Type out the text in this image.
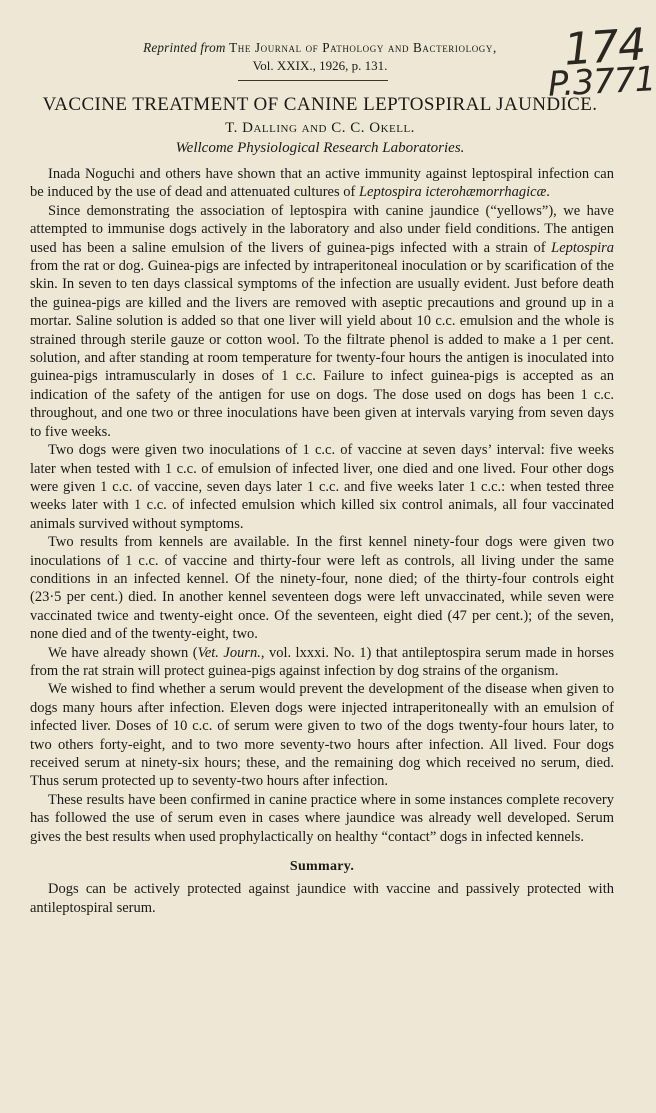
Reprinted from The Journal of Pathology and Bacteriology,
Vol. XXIX., 1926, p. 131.	174
P.3771
VACCINE TREATMENT OF CANINE LEPTOSPIRAL JAUNDICE.
T. Dalling and C. C. Okell.
Wellcome Physiological Research Laboratories.

Inada Noguchi and others have shown that an active immunity against leptospiral infection can be induced by the use of dead and attenuated cultures of Leptospira icterohæmorrhagicæ.

Since demonstrating the association of leptospira with canine jaundice (“yellows”), we have attempted to immunise dogs actively in the laboratory and also under field conditions. The antigen used has been a saline emulsion of the livers of guinea-pigs infected with a strain of Leptospira from the rat or dog. Guinea-pigs are infected by intraperitoneal inoculation or by scarification of the skin. In seven to ten days classical symptoms of the infection are usually evident. Just before death the guinea-pigs are killed and the livers are removed with aseptic precautions and ground up in a mortar. Saline solution is added so that one liver will yield about 10 c.c. emulsion and the whole is strained through sterile gauze or cotton wool. To the filtrate phenol is added to make a 1 per cent. solution, and after standing at room temperature for twenty-four hours the antigen is inoculated into guinea-pigs intramuscularly in doses of 1 c.c. Failure to infect guinea-pigs is accepted as an indication of the safety of the antigen for use on dogs. The dose used on dogs has been 1 c.c. throughout, and one two or three inoculations have been given at intervals varying from seven days to five weeks.

Two dogs were given two inoculations of 1 c.c. of vaccine at seven days’ interval: five weeks later when tested with 1 c.c. of emulsion of infected liver, one died and one lived. Four other dogs were given 1 c.c. of vaccine, seven days later 1 c.c. and five weeks later 1 c.c.: when tested three weeks later with 1 c.c. of infected emulsion which killed six control animals, all four vaccinated animals survived without symptoms.

Two results from kennels are available. In the first kennel ninety-four dogs were given two inoculations of 1 c.c. of vaccine and thirty-four were left as controls, all living under the same conditions in an infected kennel. Of the ninety-four, none died; of the thirty-four controls eight (23·5 per cent.) died. In another kennel seventeen dogs were left unvaccinated, while seven were vaccinated twice and twenty-eight once. Of the seventeen, eight died (47 per cent.); of the seven, none died and of the twenty-eight, two.

We have already shown (Vet. Journ., vol. lxxxi. No. 1) that antileptospira serum made in horses from the rat strain will protect guinea-pigs against infection by dog strains of the organism.

We wished to find whether a serum would prevent the development of the disease when given to dogs many hours after infection. Eleven dogs were injected intraperitoneally with an emulsion of infected liver. Doses of 10 c.c. of serum were given to two of the dogs twenty-four hours later, to two others forty-eight, and to two more seventy-two hours after infection. All lived. Four dogs received serum at ninety-six hours; these, and the remaining dog which received no serum, died. Thus serum protected up to seventy-two hours after infection.

These results have been confirmed in canine practice where in some instances complete recovery has followed the use of serum even in cases where jaundice was already well developed. Serum gives the best results when used prophylactically on healthy “contact” dogs in infected kennels.

Summary.

Dogs can be actively protected against jaundice with vaccine and passively protected with antileptospiral serum.
